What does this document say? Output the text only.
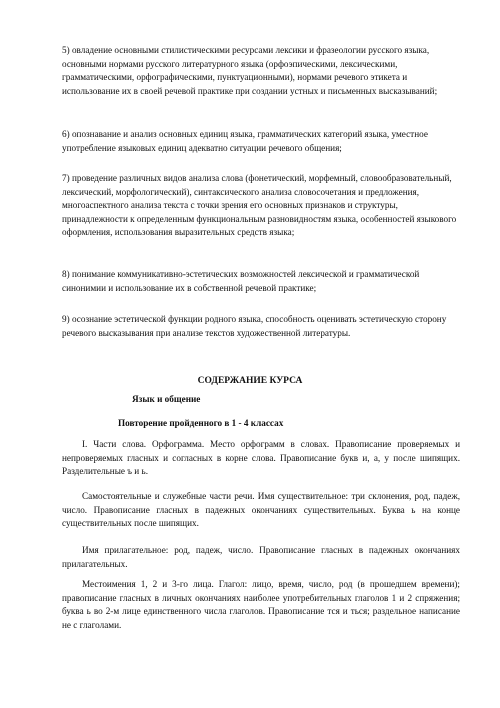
5) овладение основными стилистическими ресурсами лексики и фразеологии русского языка, основными нормами русского литературного языка (орфоэпическими, лексическими, грамматическими, орфографическими, пунктуационными), нормами речевого этикета и использование их в своей речевой практике при создании устных и письменных высказываний;

6) опознавание и анализ основных единиц языка, грамматических категорий языка, уместное употребление языковых единиц адекватно ситуации речевого общения;

7) проведение различных видов анализа слова (фонетический, морфемный, словообразовательный, лексический, морфологический), синтаксического анализа словосочетания и предложения, многоаспектного анализа текста с точки зрения его основных признаков и структуры, принадлежности к определенным функциональным разновидностям языка, особенностей языкового оформления, использования выразительных средств языка;

8) понимание коммуникативно-эстетических возможностей лексической и грамматической синонимии и использование их в собственной речевой практике;

9) осознание эстетической функции родного языка, способность оценивать эстетическую сторону речевого высказывания при анализе текстов художественной литературы.

СОДЕРЖАНИЕ КУРСА
Язык и общение
Повторение пройденного в 1 - 4 классах

I. Части слова. Орфограмма. Место орфограмм в словах. Правописание проверяемых и непроверяемых гласных и согласных в корне слова. Правописание букв и, а, у после шипящих. Разделительные ъ и ь.

Самостоятельные и служебные части речи. Имя существительное: три склонения, род, падеж, число. Правописание гласных в падежных окончаниях существительных. Буква ь на конце существительных после шипящих.

Имя прилагательное: род, падеж, число. Правописание гласных в падежных окончаниях прилагательных.

Местоимения 1, 2 и 3-го лица. Глагол: лицо, время, число, род (в прошедшем времени); правописание гласных в личных окончаниях наиболее употребительных глаголов 1 и 2 спряжения; буква ь во 2-м лице единственного числа глаголов. Правописание тся и ться; раздельное написание не с глаголами.
